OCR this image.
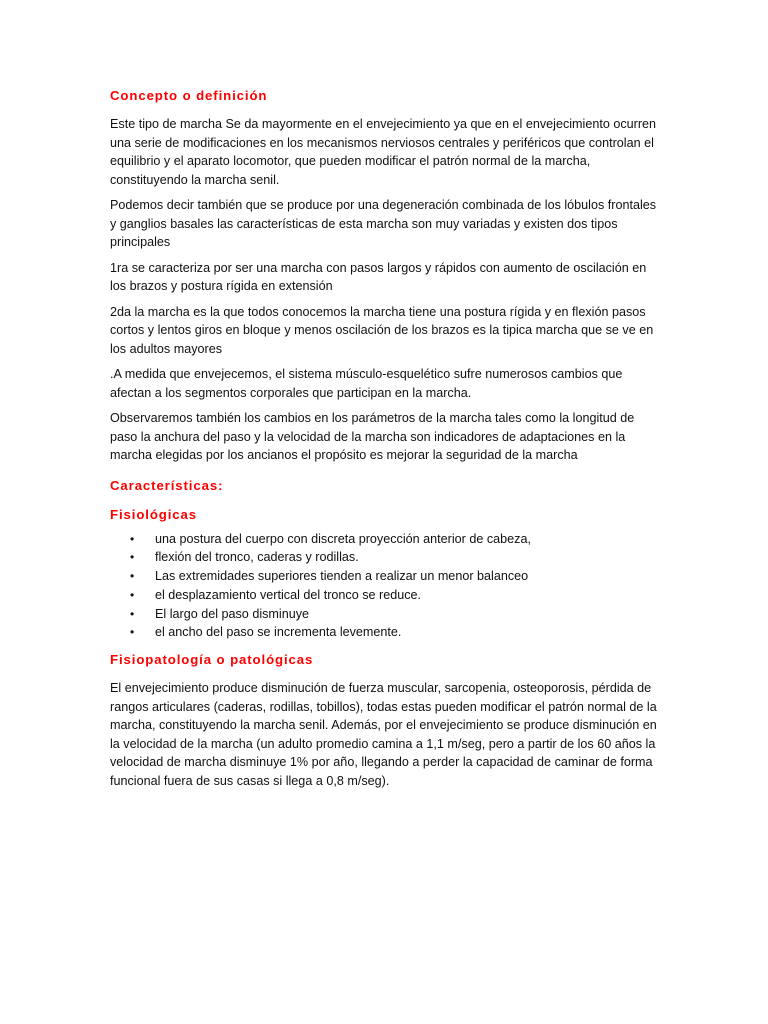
Concepto o definición

Este tipo de marcha Se da mayormente en el envejecimiento ya que en el envejecimiento ocurren una serie de modificaciones en los mecanismos nerviosos centrales y periféricos que controlan el equilibrio y el aparato locomotor, que pueden modificar el patrón normal de la marcha, constituyendo la marcha senil.

Podemos decir también que se produce por una degeneración combinada de los lóbulos frontales y ganglios basales las características de esta marcha son muy variadas y existen dos tipos principales

1ra se caracteriza por ser una marcha con pasos largos y rápidos con aumento de oscilación en los brazos y postura rígida en extensión

2da la marcha es la que todos conocemos la marcha tiene una postura rígida y en flexión pasos cortos y lentos giros en bloque y menos oscilación de los brazos es la tipica marcha que se ve en los adultos mayores

.A medida que envejecemos, el sistema músculo-esquelético sufre numerosos cambios que afectan a los segmentos corporales que participan en la marcha.

Observaremos también los cambios en los parámetros de la marcha tales como la longitud de paso la anchura del paso y la velocidad de la marcha son indicadores de adaptaciones en la marcha elegidas por los ancianos el propósito es mejorar la seguridad de la marcha

Características:
Fisiológicas
• una postura del cuerpo con discreta proyección anterior de cabeza,
• flexión del tronco, caderas y rodillas.
• Las extremidades superiores tienden a realizar un menor balanceo
• el desplazamiento vertical del tronco se reduce.
• El largo del paso disminuye
• el ancho del paso se incrementa levemente.
Fisiopatología o patológicas

El envejecimiento produce disminución de fuerza muscular, sarcopenia, osteoporosis, pérdida de rangos articulares (caderas, rodillas, tobillos), todas estas pueden modificar el patrón normal de la marcha, constituyendo la marcha senil. Además, por el envejecimiento se produce disminución en la velocidad de la marcha (un adulto promedio camina a 1,1 m/seg, pero a partir de los 60 años la velocidad de marcha disminuye 1% por año, llegando a perder la capacidad de caminar de forma funcional fuera de sus casas si llega a 0,8 m/seg).
